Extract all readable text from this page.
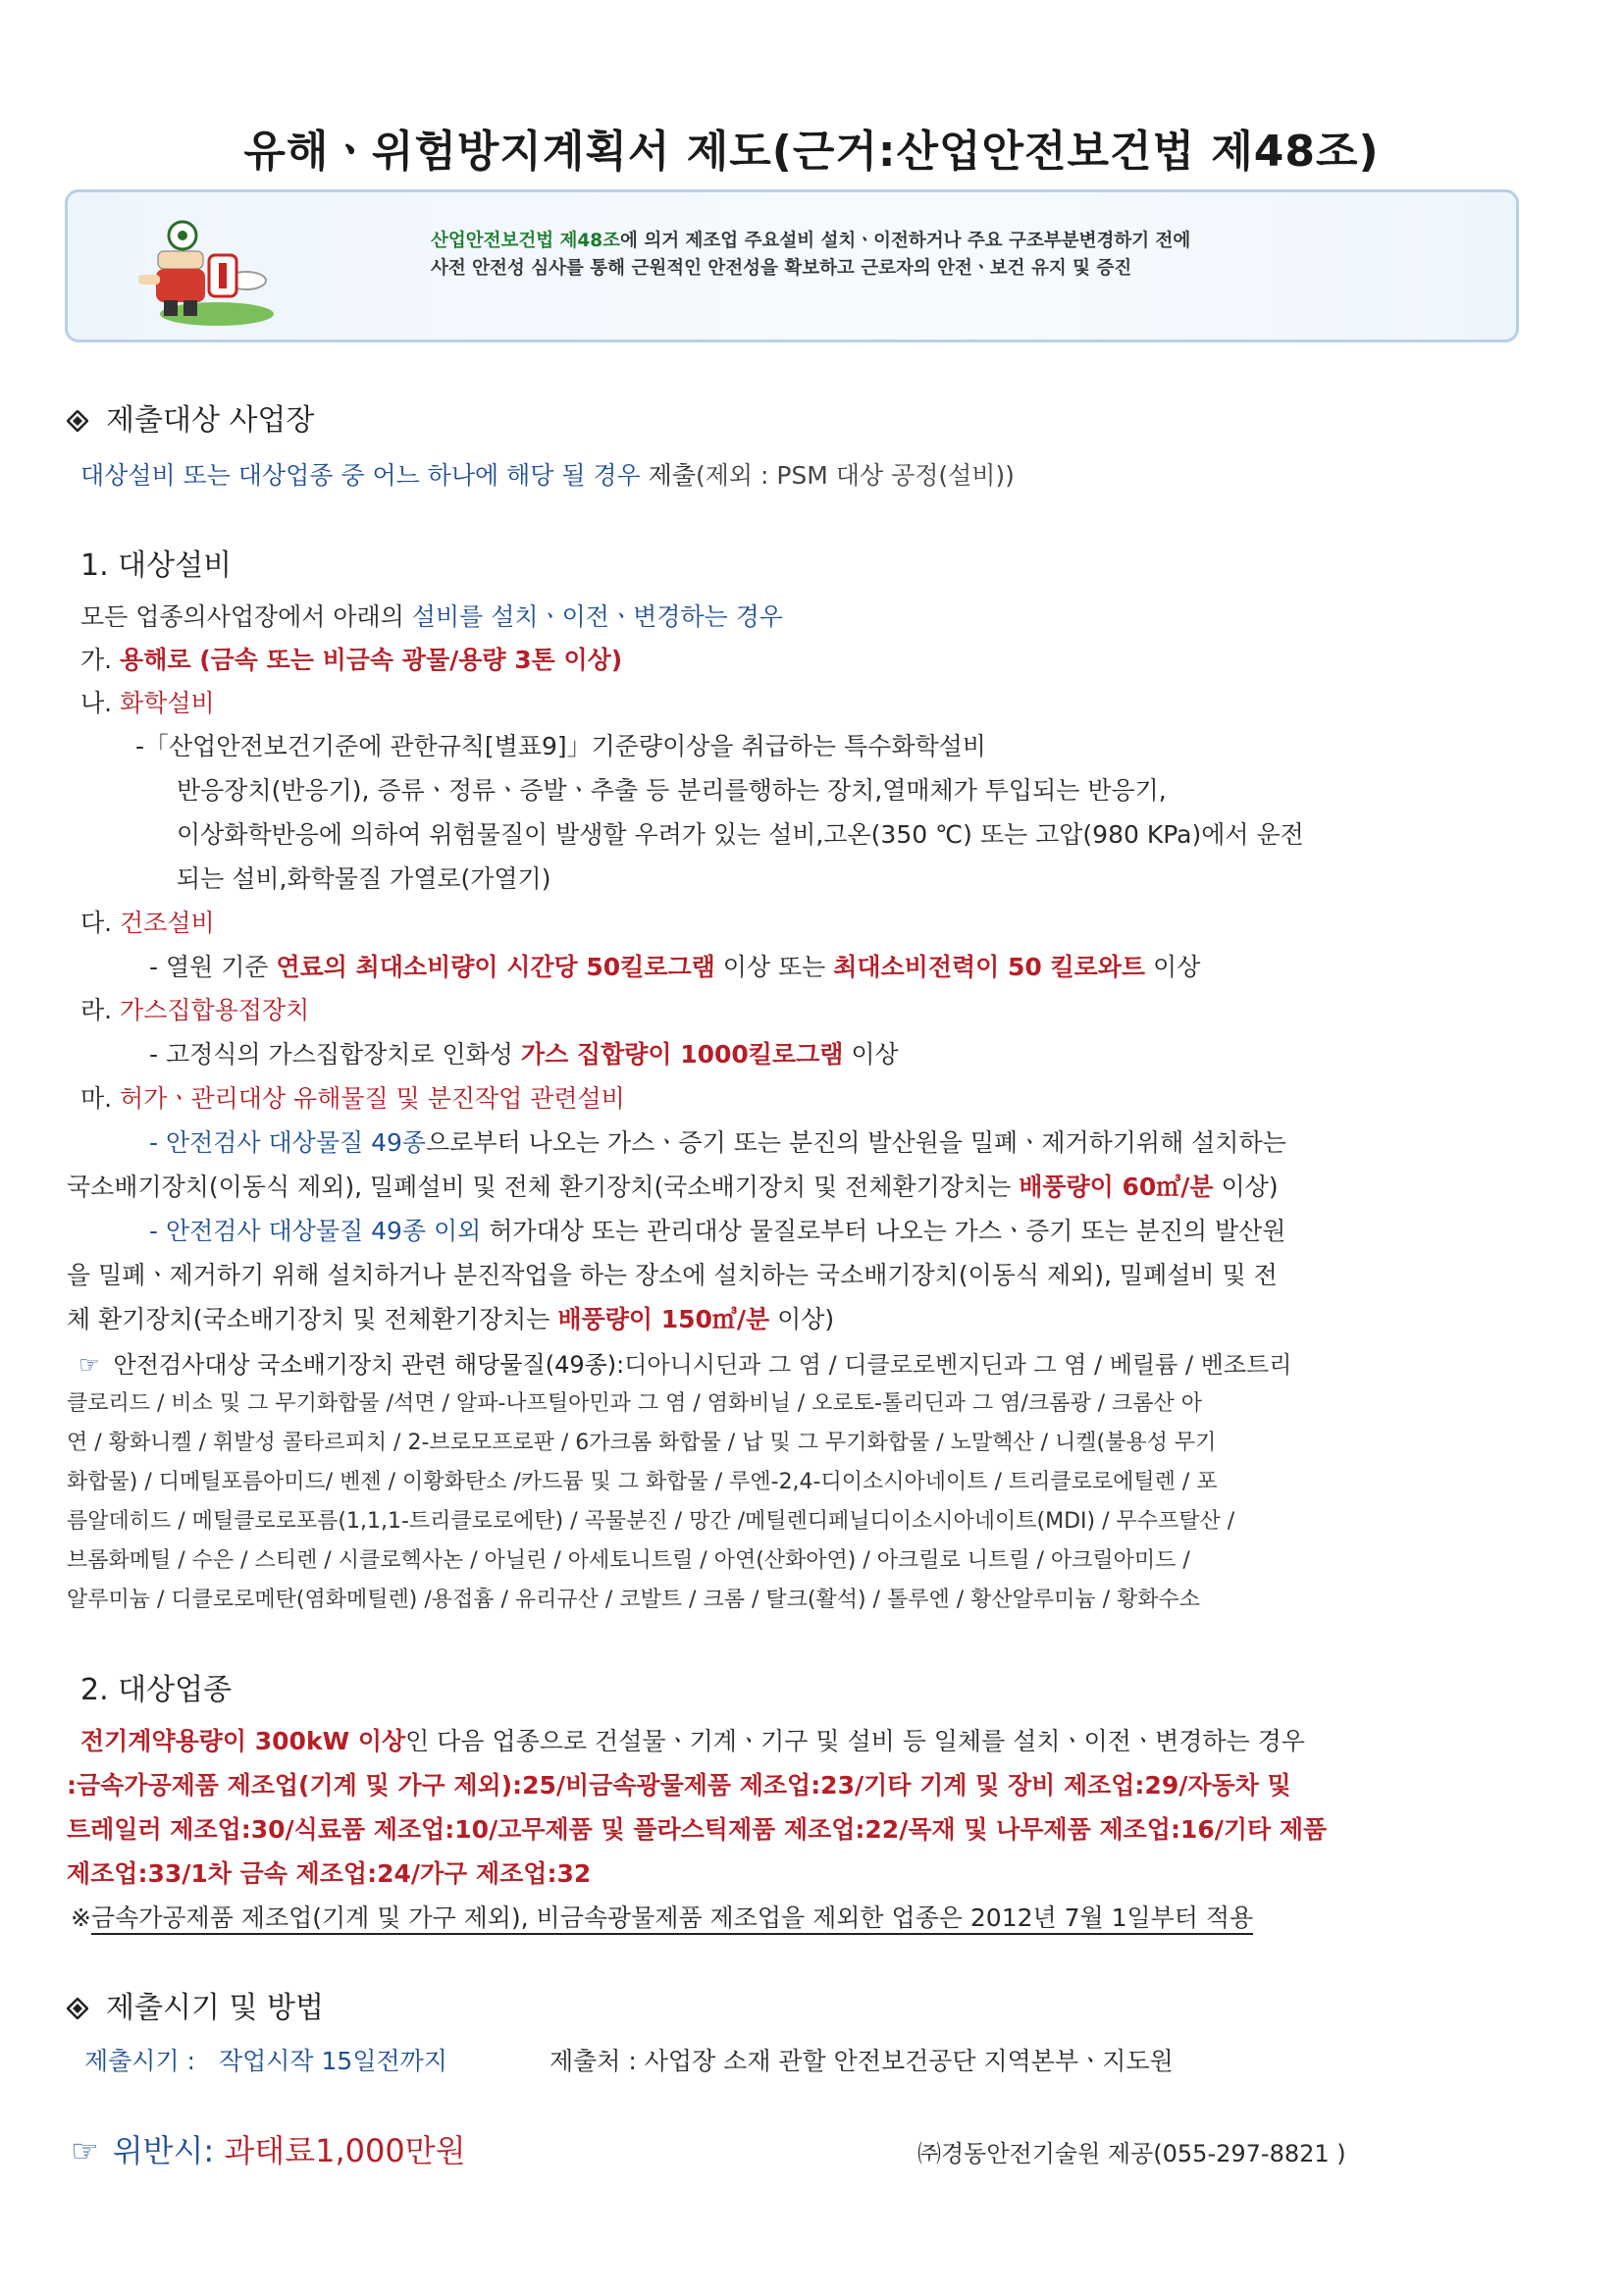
유해ㆍ위험방지계획서 제도(근거:산업안전보건법 제48조)
산업안전보건법 제48조에 의거 제조업 주요설비 설치ㆍ이전하거나 주요 구조부분변경하기 전에
사전 안전성 심사를 통해 근원적인 안전성을 확보하고 근로자의 안전ㆍ보건 유지 및 증진
제출대상 사업장
대상설비 또는 대상업종 중 어느 하나에 해당 될 경우 제출(제외 : PSM 대상 공정(설비))
1. 대상설비
모든 업종의사업장에서 아래의 설비를 설치ㆍ이전ㆍ변경하는 경우
가. 용해로 (금속 또는 비금속 광물/용량 3톤 이상)
나. 화학설비
-「산업안전보건기준에 관한규칙[별표9]」기준량이상을 취급하는 특수화학설비
반응장치(반응기), 증류ㆍ정류ㆍ증발ㆍ추출 등 분리를행하는 장치,열매체가 투입되는 반응기,
이상화학반응에 의하여 위험물질이 발생할 우려가 있는 설비,고온(350 ℃) 또는 고압(980 KPa)에서 운전
되는 설비,화학물질 가열로(가열기)
다. 건조설비
- 열원 기준 연료의 최대소비량이 시간당 50킬로그램 이상 또는 최대소비전력이 50 킬로와트 이상
라. 가스집합용접장치
- 고정식의 가스집합장치로 인화성 가스 집합량이 1000킬로그램 이상
마. 허가ㆍ관리대상 유해물질 및 분진작업 관련설비
- 안전검사 대상물질 49종으로부터 나오는 가스ㆍ증기 또는 분진의 발산원을 밀폐ㆍ제거하기위해 설치하는
국소배기장치(이동식 제외), 밀폐설비 및 전체 환기장치(국소배기장치 및 전체환기장치는 배풍량이 60㎥/분 이상)
- 안전검사 대상물질 49종 이외 허가대상 또는 관리대상 물질로부터 나오는 가스ㆍ증기 또는 분진의 발산원
을 밀폐ㆍ제거하기 위해 설치하거나 분진작업을 하는 장소에 설치하는 국소배기장치(이동식 제외), 밀폐설비 및 전
체 환기장치(국소배기장치 및 전체환기장치는 배풍량이 150㎥/분 이상)
☞ 안전검사대상 국소배기장치 관련 해당물질(49종):디아니시딘과 그 염 / 디클로로벤지딘과 그 염 / 베릴륨 / 벤조트리
클로리드 / 비소 및 그 무기화합물 /석면 / 알파-나프틸아민과 그 염 / 염화비닐 / 오로토-톨리딘과 그 염/크롬광 / 크롬산 아
연 / 황화니켈 / 휘발성 콜타르피치 / 2-브로모프로판 / 6가크롬 화합물 / 납 및 그 무기화합물 / 노말헥산 / 니켈(불용성 무기
화합물) / 디메틸포름아미드/ 벤젠 / 이황화탄소 /카드뮴 및 그 화합물 / 루엔-2,4-디이소시아네이트 / 트리클로로에틸렌 / 포
름알데히드 / 메틸클로로포름(1,1,1-트리클로로에탄) / 곡물분진 / 망간 /메틸렌디페닐디이소시아네이트(MDI) / 무수프탈산 /
브롬화메틸 / 수은 / 스티렌 / 시클로헥사논 / 아닐린 / 아세토니트릴 / 아연(산화아연) / 아크릴로 니트릴 / 아크릴아미드 /
알루미늄 / 디클로로메탄(염화메틸렌) /용접흄 / 유리규산 / 코발트 / 크롬 / 탈크(활석) / 톨루엔 / 황산알루미늄 / 황화수소
2. 대상업종
전기계약용량이 300kW 이상인 다음 업종으로 건설물ㆍ기계ㆍ기구 및 설비 등 일체를 설치ㆍ이전ㆍ변경하는 경우
:금속가공제품 제조업(기계 및 가구 제외):25/비금속광물제품 제조업:23/기타 기계 및 장비 제조업:29/자동차 및
트레일러 제조업:30/식료품 제조업:10/고무제품 및 플라스틱제품 제조업:22/목재 및 나무제품 제조업:16/기타 제품
제조업:33/1차 금속 제조업:24/가구 제조업:32
※금속가공제품 제조업(기계 및 가구 제외), 비금속광물제품 제조업을 제외한 업종은 2012년 7월 1일부터 적용
제출시기 및 방법
제출시기 : 작업시작 15일전까지	제출처 : 사업장 소재 관할 안전보건공단 지역본부ㆍ지도원
☞ 위반시: 과태료1,000만원	㈜경동안전기술원 제공(055-297-8821 )
